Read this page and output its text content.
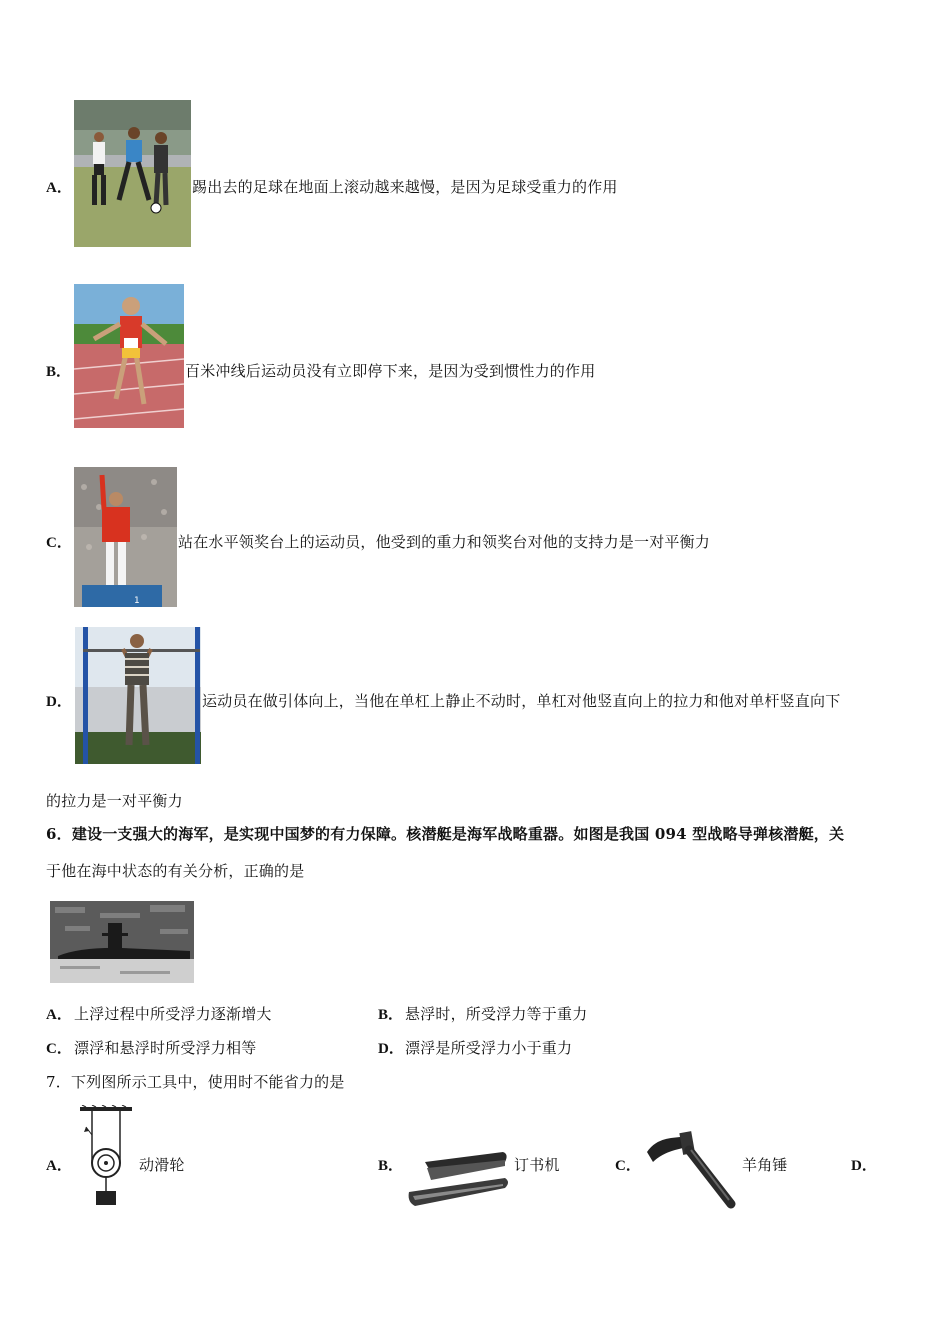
A．	踢出去的足球在地面上滚动越来越慢，是因为足球受重力的作用
B．	百米冲线后运动员没有立即停下来，是因为受到惯性力的作用
C．
1
站在水平领奖台上的运动员，他受到的重力和领奖台对他的支持力是一对平衡力
D．	运动员在做引体向上，当他在单杠上静止不动时，单杠对他竖直向上的拉力和他对单杆竖直向下
的拉力是一对平衡力
6．建设一支强大的海军，是实现中国梦的有力保障。核潜艇是海军战略重器。如图是我国 094 型战略导弹核潜艇，关
于他在海中状态的有关分析，正确的是
A． 上浮过程中所受浮力逐渐增大	B． 悬浮时，所受浮力等于重力
C． 漂浮和悬浮时所受浮力相等	D． 漂浮是所受浮力小于重力
7．下列图所示工具中，使用时不能省力的是
A．	动滑轮	B．	订书机	C．	羊角锤	D．
